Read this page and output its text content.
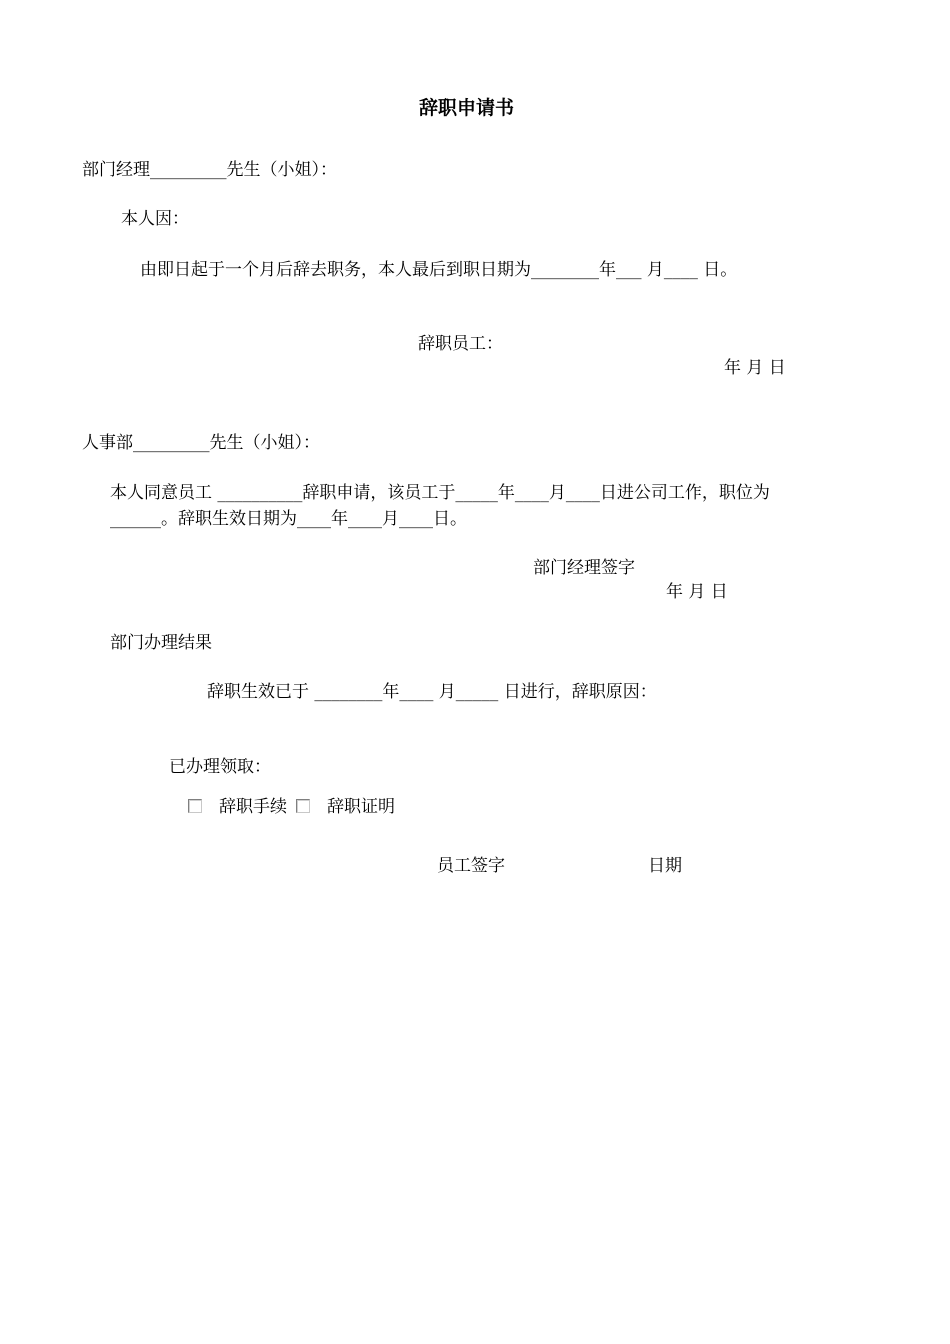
辞职申请书
部门经理_________先生（小姐）：
本人因：
由即日起于一个月后辞去职务，本人最后到职日期为________年___ 月____ 日。
辞职员工：
年 月 日
人事部_________先生（小姐）：
本人同意员工 __________辞职申请，该员工于_____年____月____日进公司工作，职位为
______。辞职生效日期为____年____月____日。
部门经理签字
年 月 日
部门办理结果
辞职生效已于 ________年____ 月_____ 日进行，辞职原因：
已办理领取：
辞职手续 辞职证明
员工签字	日期
